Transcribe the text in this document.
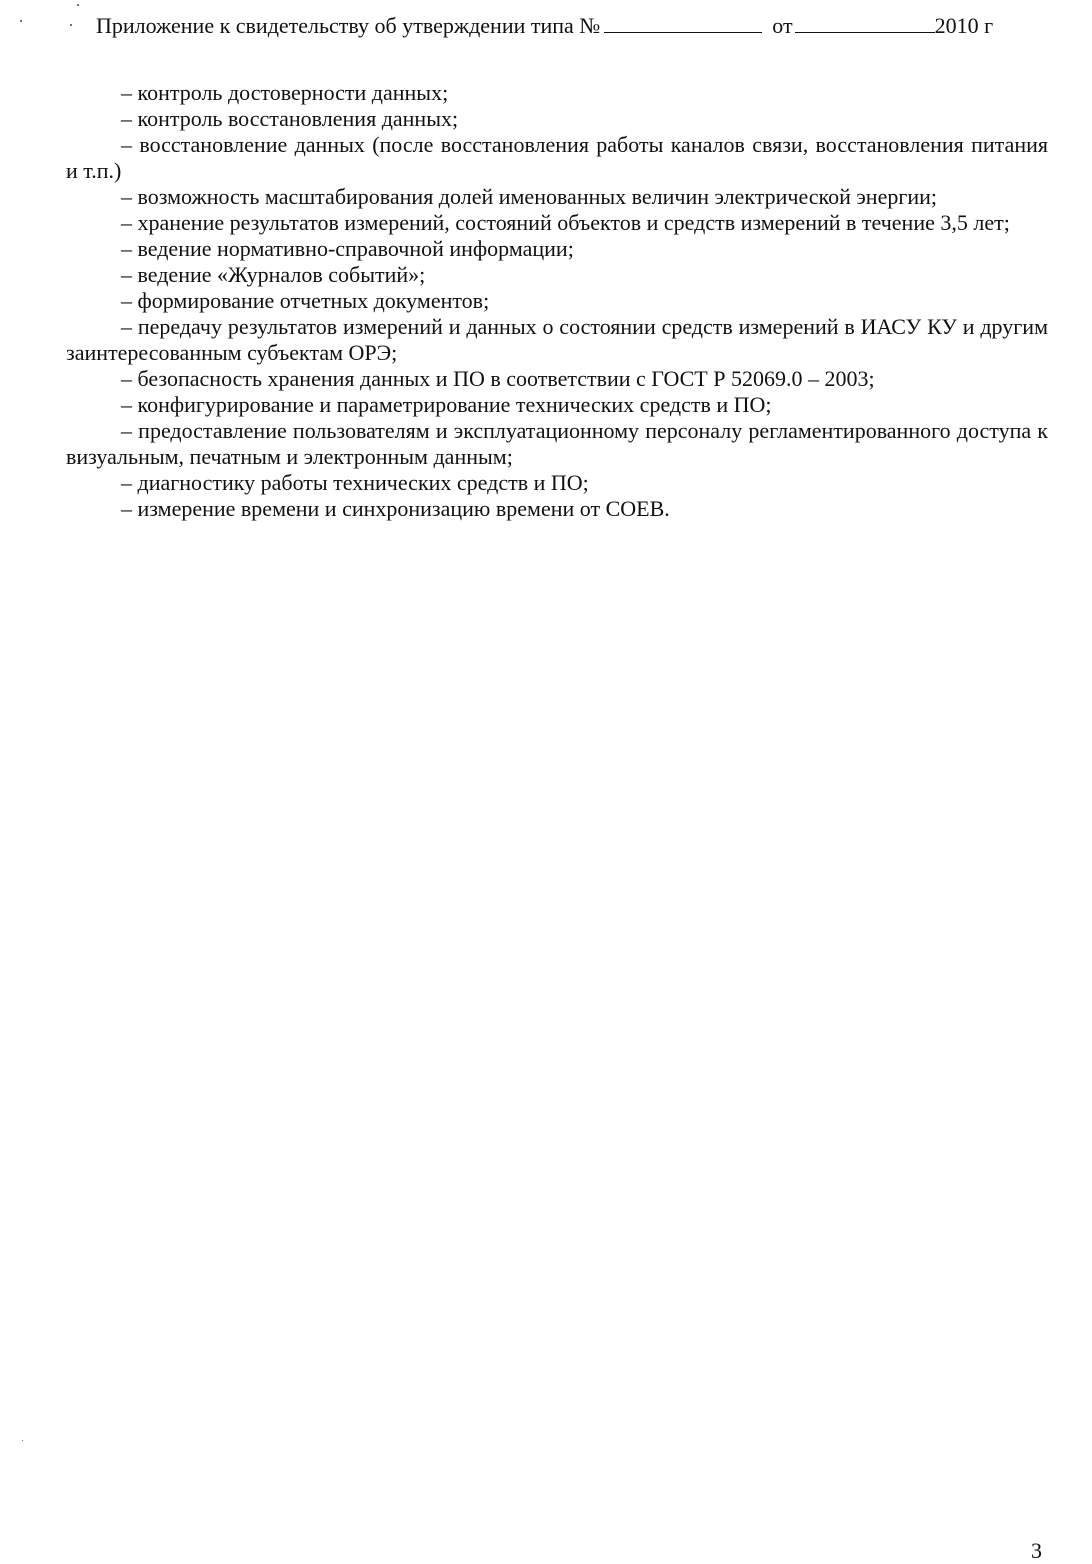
Приложение к свидетельству об утверждении типа №	от	2010 г

– контроль достоверности данных;

– контроль восстановления данных;

– восстановление данных (после восстановления работы каналов связи, восстановления питания и т.п.)

– возможность масштабирования долей именованных величин электрической энергии;

– хранение результатов измерений, состояний объектов и средств измерений в течение 3,5 лет;

– ведение нормативно-справочной информации;

– ведение «Журналов событий»;

– формирование отчетных документов;

– передачу результатов измерений и данных о состоянии средств измерений в ИАСУ КУ и другим заинтересованным субъектам ОРЭ;

– безопасность хранения данных и ПО в соответствии с ГОСТ Р 52069.0 – 2003;

– конфигурирование и параметрирование технических средств и ПО;

– предоставление пользователям и эксплуатационному персоналу регламентированного доступа к визуальным, печатным и электронным данным;

– диагностику работы технических средств и ПО;

– измерение времени и синхронизацию времени от СОЕВ.

3
